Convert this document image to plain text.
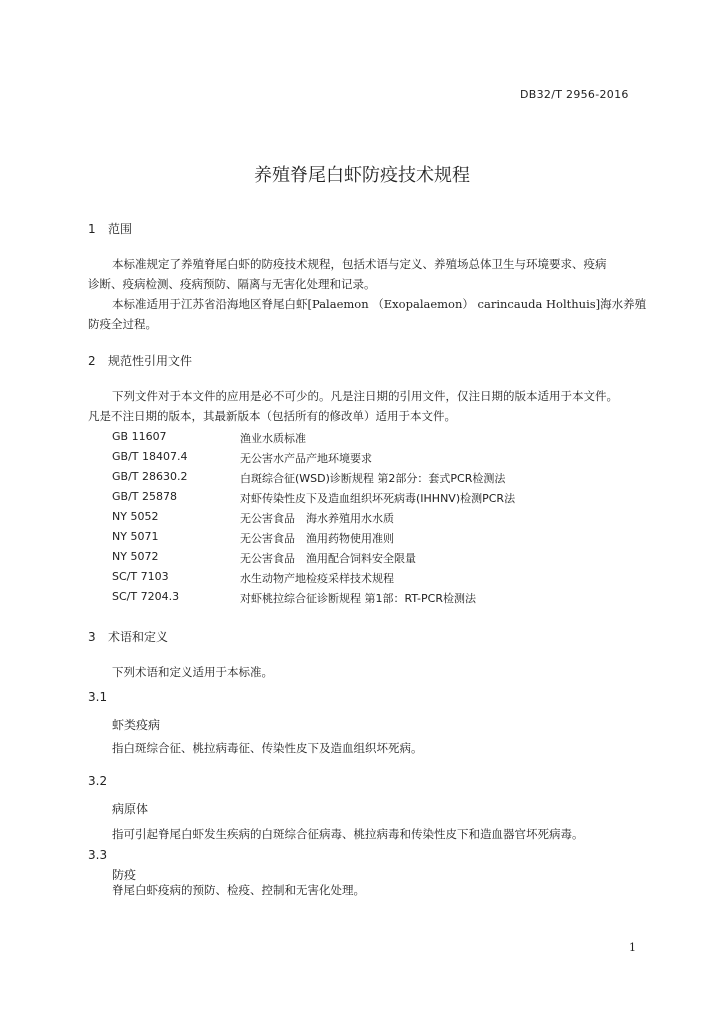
DB32/T 2956-2016
养殖脊尾白虾防疫技术规程
1 范围
本标准规定了养殖脊尾白虾的防疫技术规程，包括术语与定义、养殖场总体卫生与环境要求、疫病
诊断、疫病检测、疫病预防、隔离与无害化处理和记录。
本标准适用于江苏省沿海地区脊尾白虾[Palaemon （Exopalaemon） carincauda Holthuis]海水养殖
防疫全过程。
2 规范性引用文件
下列文件对于本文件的应用是必不可少的。凡是注日期的引用文件，仅注日期的版本适用于本文件。
凡是不注日期的版本，其最新版本（包括所有的修改单）适用于本文件。
GB 11607	渔业水质标准
GB/T 18407.4	无公害水产品产地环境要求
GB/T 28630.2	白斑综合征(WSD)诊断规程 第2部分：套式PCR检测法
GB/T 25878	对虾传染性皮下及造血组织坏死病毒(IHHNV)检测PCR法
NY 5052	无公害食品　海水养殖用水水质
NY 5071	无公害食品　渔用药物使用准则
NY 5072	无公害食品　渔用配合饲料安全限量
SC/T 7103	水生动物产地检疫采样技术规程
SC/T 7204.3	对虾桃拉综合征诊断规程 第1部：RT-PCR检测法
3 术语和定义
下列术语和定义适用于本标准。
3.1
虾类疫病
指白斑综合征、桃拉病毒征、传染性皮下及造血组织坏死病。
3.2
病原体
指可引起脊尾白虾发生疾病的白斑综合征病毒、桃拉病毒和传染性皮下和造血器官坏死病毒。
3.3
防疫
脊尾白虾疫病的预防、检疫、控制和无害化处理。
1
